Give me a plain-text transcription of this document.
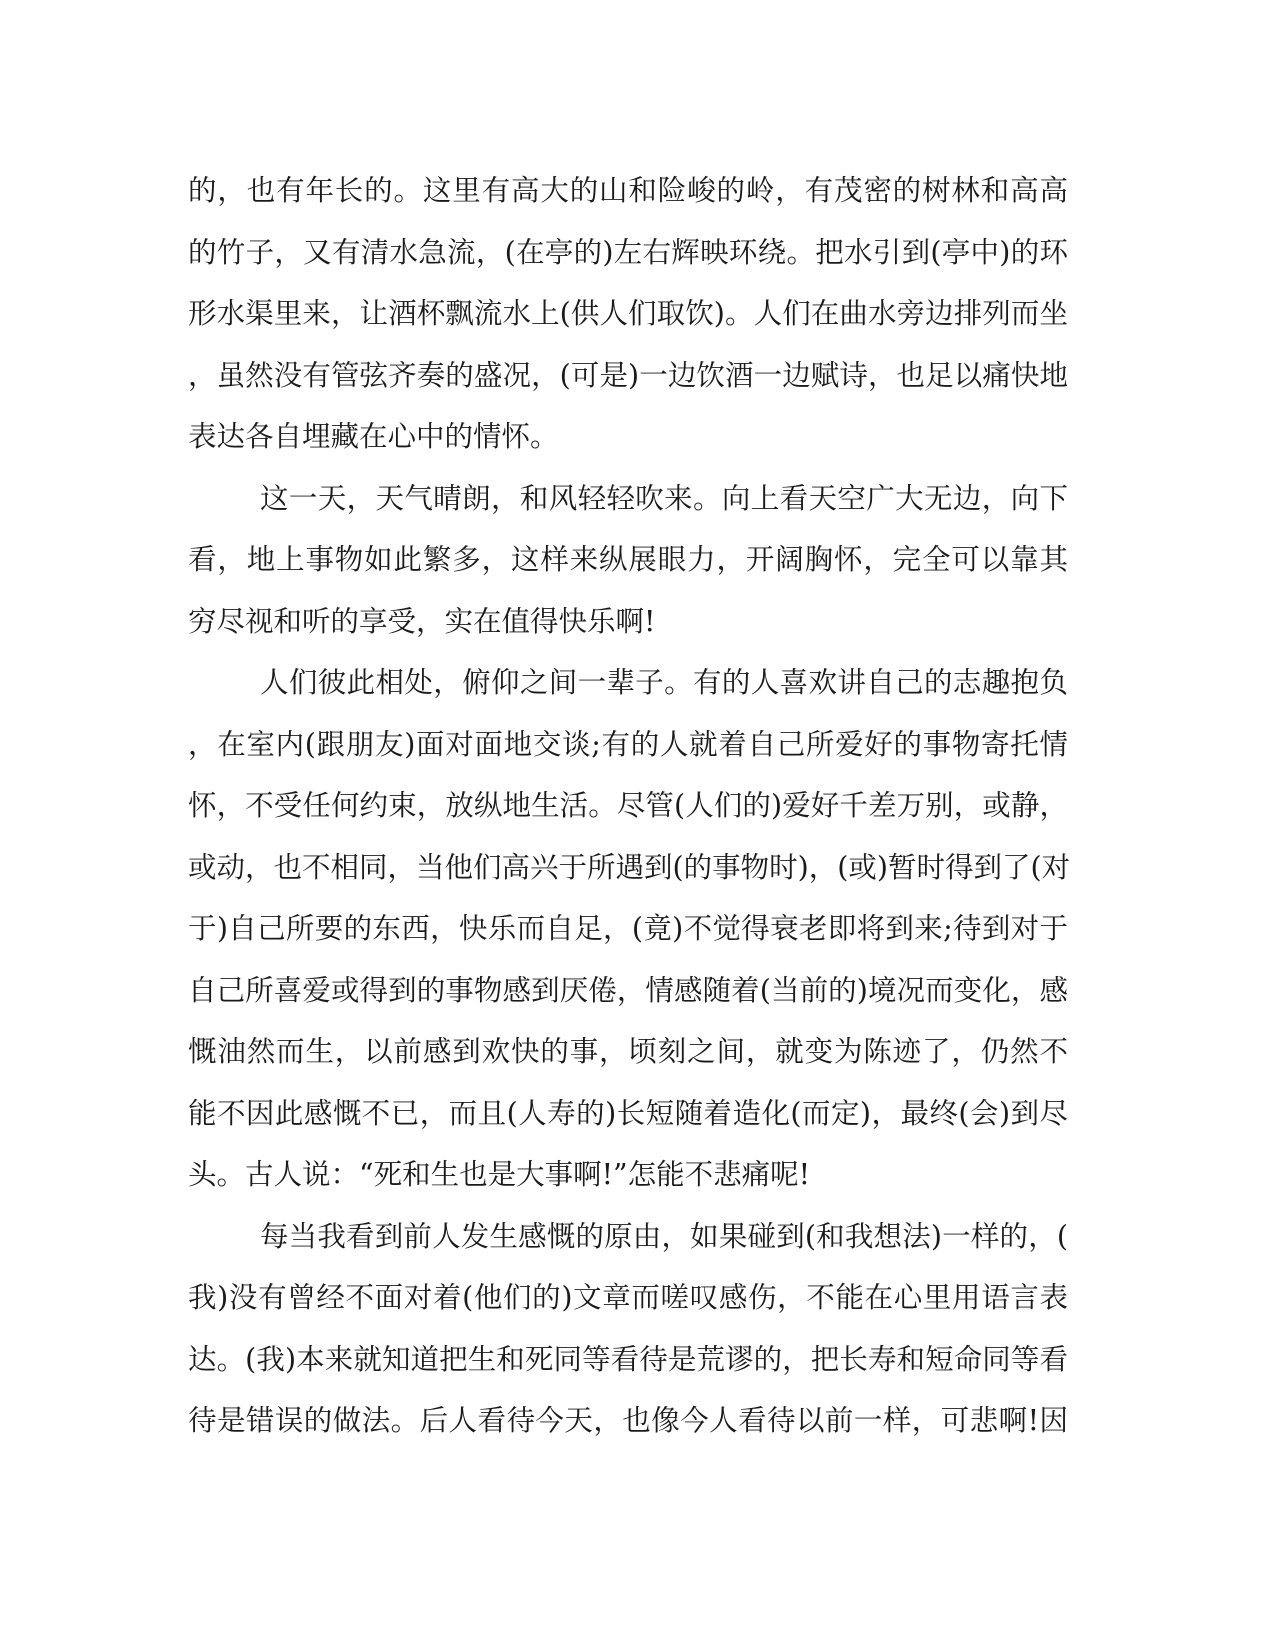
的，也有年长的。这里有高大的山和险峻的岭，有茂密的树林和高高
的竹子，又有清水急流，(在亭的)左右辉映环绕。把水引到(亭中)的环
形水渠里来，让酒杯飘流水上(供人们取饮)。人们在曲水旁边排列而坐
，虽然没有管弦齐奏的盛况，(可是)一边饮酒一边赋诗，也足以痛快地
表达各自埋藏在心中的情怀。
这一天，天气晴朗，和风轻轻吹来。向上看天空广大无边，向下
看，地上事物如此繁多，这样来纵展眼力，开阔胸怀，完全可以靠其
穷尽视和听的享受，实在值得快乐啊!
人们彼此相处，俯仰之间一辈子。有的人喜欢讲自己的志趣抱负
，在室内(跟朋友)面对面地交谈;有的人就着自己所爱好的事物寄托情
怀，不受任何约束，放纵地生活。尽管(人们的)爱好千差万别，或静，
或动，也不相同，当他们高兴于所遇到(的事物时)，(或)暂时得到了(对
于)自己所要的东西，快乐而自足，(竟)不觉得衰老即将到来;待到对于
自己所喜爱或得到的事物感到厌倦，情感随着(当前的)境况而变化，感
慨油然而生，以前感到欢快的事，顷刻之间，就变为陈迹了，仍然不
能不因此感慨不已，而且(人寿的)长短随着造化(而定)，最终(会)到尽
头。古人说：“死和生也是大事啊!”怎能不悲痛呢!
每当我看到前人发生感慨的原由，如果碰到(和我想法)一样的，(
我)没有曾经不面对着(他们的)文章而嗟叹感伤，不能在心里用语言表
达。(我)本来就知道把生和死同等看待是荒谬的，把长寿和短命同等看
待是错误的做法。后人看待今天，也像今人看待以前一样，可悲啊!因
